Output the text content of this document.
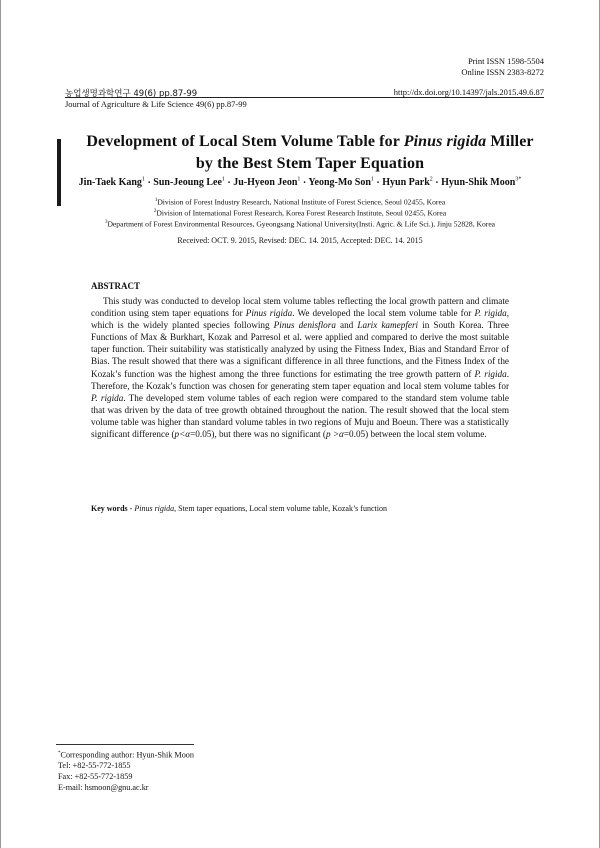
Print ISSN 1598-5504
Online ISSN 2383-8272
농업생명과학연구 49(6) pp.87-99	http://dx.doi.org/10.14397/jals.2015.49.6.87
Journal of Agriculture & Life Science 49(6) pp.87-99
Development of Local Stem Volume Table for Pinus rigida Miller
by the Best Stem Taper Equation
Jin-Taek Kang$^1$ · Sun-Jeoung Lee$^1$ · Ju-Hyeon Jeon$^1$ · Yeong-Mo Son$^1$ · Hyun Park$^2$ · Hyun-Shik Moon$^{3*}$
$^1$Division of Forest Industry Research, National Institute of Forest Science, Seoul 02455, Korea
$^2$Division of International Forest Research, Korea Forest Research Institute, Seoul 02455, Korea
$^3$Department of Forest Environmental Resources, Gyeongsang National University(Insti. Agric. & Life Sci.), Jinju 52828, Korea
Received: OCT. 9. 2015, Revised: DEC. 14. 2015, Accepted: DEC. 14. 2015
ABSTRACT
This study was conducted to develop local stem volume tables reflecting the local growth pattern and climate condition using stem taper equations for Pinus rigida. We developed the local stem volume table for P. rigida, which is the widely planted species following Pinus denisflora and Larix kamepferi in South Korea. Three Functions of Max & Burkhart, Kozak and Parresol et al. were applied and compared to derive the most suitable taper function. Their suitability was statistically analyzed by using the Fitness Index, Bias and Standard Error of Bias. The result showed that there was a significant difference in all three functions, and the Fitness Index of the Kozak’s function was the highest among the three functions for estimating the tree growth pattern of P. rigida. Therefore, the Kozak’s function was chosen for generating stem taper equation and local stem volume tables for P. rigida. The developed stem volume tables of each region were compared to the standard stem volume table that was driven by the data of tree growth obtained throughout the nation. The result showed that the local stem volume table was higher than standard volume tables in two regions of Muju and Boeun. There was a statistically significant difference (p<α=0.05), but there was no significant (p >α=0.05) between the local stem volume.
Key words - Pinus rigida, Stem taper equations, Local stem volume table, Kozak’s function
*Corresponding author: Hyun-Shik Moon
Tel: +82-55-772-1855
Fax: +82-55-772-1859
E-mail: hsmoon@gnu.ac.kr
